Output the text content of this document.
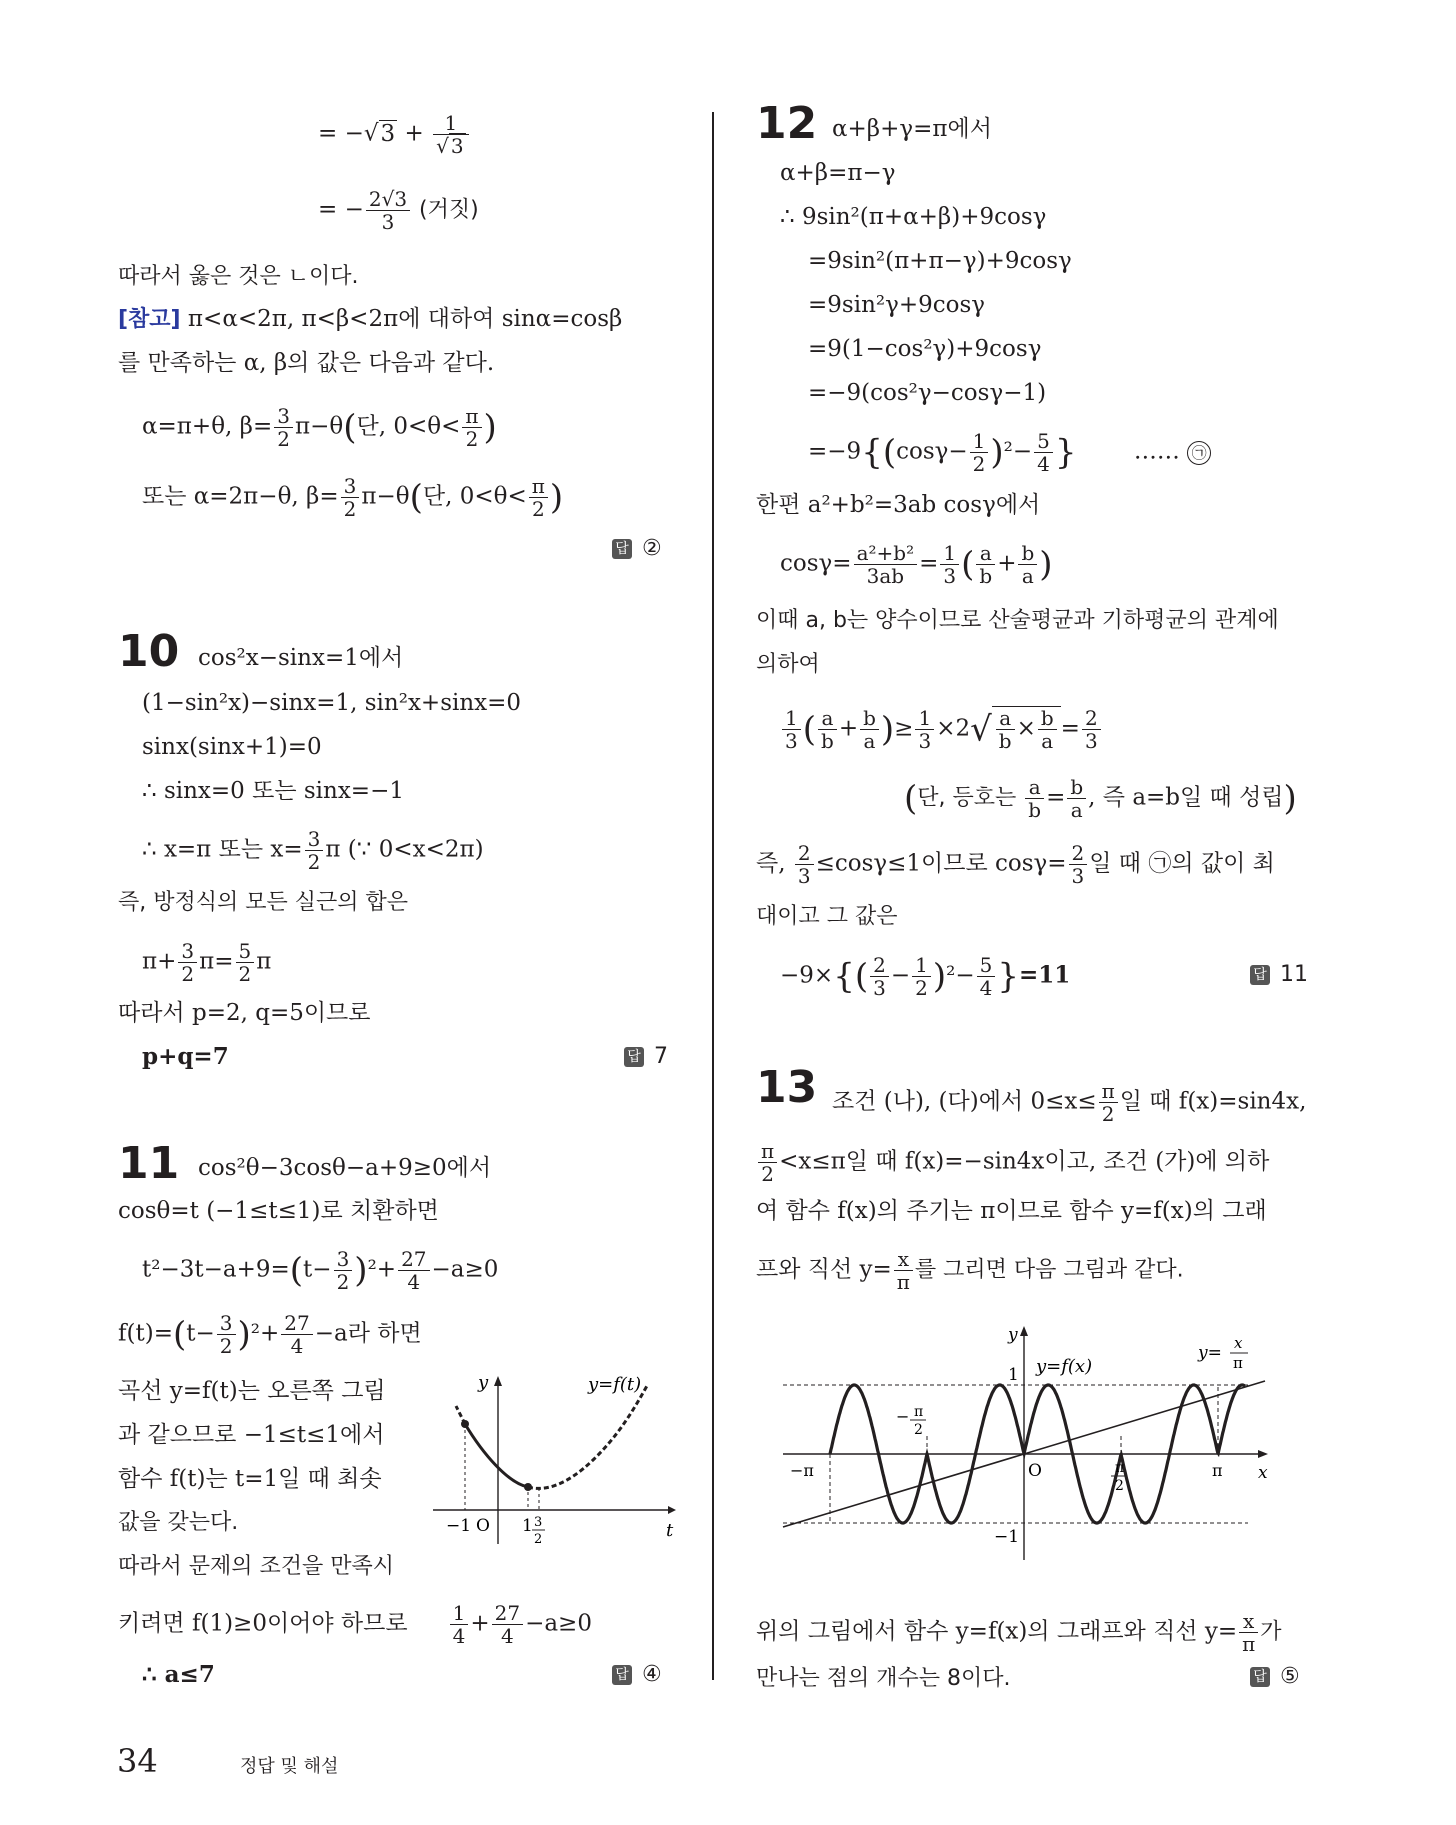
= $-√3 + \frac{1}{√ 3}$
= − $\frac{2√3}{3}$ (거짓)
따라서 옳은 것은 ㄴ이다.
[참고] π<α<2π, π<β<2π에 대하여 sinα=cosβ
를 만족하는 α, β의 값은 다음과 같다.
α=π+θ, $\beta= \frac{3}{2} \pi-\theta$(단, $0<\theta< \frac{\pi}{2}$ )
또는 α=2π−θ, $\beta= \frac{3}{2} \pi-\theta$(단, $0<\theta< \frac{\pi}{2}$ )
답 ②
10 cos²x−sinx=1에서
(1−sin²x)−sinx=1, sin²x+sinx=0
sinx(sinx+1)=0
∴ sinx=0 또는 sinx=−1
∴ x=π 또는 $x= \frac{3}{2}$ π (∵ 0<x<2π)
즉, 방정식의 모든 실근의 합은
$\pi+ \frac{3}{2} \pi= \frac{5}{2}$ π
따라서 p=2, q=5이므로
p+q=7	답 7
11 cos²θ−3cosθ−a+9≥0에서
cosθ=t (−1≤t≤1)로 치환하면
$t^2-3t-a+9=(t- \frac{3}{2} )^2+ \frac{27}{4} -a\ge 0$
$f(t)=(t- \frac{3}{2} )^2+ \frac{27}{4} -a$라 하면
곡선 y=f(t)는 오른쪽 그림
과 같으므로 −1≤t≤1에서
함수 f(t)는 t=1일 때 최솟
값을 갖는다.
따라서 문제의 조건을 만족시
키려면 f(1)≥0이어야 하므로 $\frac{1}{4} + \frac{27}{4} -a\ge 0$
∴ a≤7	답 ④
y
t
y=f(t)
−1 O 1 3
2
12 α+β+γ=π에서
α+β=π−γ
∴ 9sin²(π+α+β)+9cosγ
=9sin²(π+π−γ)+9cosγ
=9sin²γ+9cosγ
=9(1−cos²γ)+9cosγ
=−9(cos²γ−cosγ−1)
$=-9\{(\cos\gamma- \frac{1}{2} )^2- \frac{5}{4}$ } …… ㉠
한편 a²+b²=3ab cosγ에서
$\cos\gamma= \frac{\text{a²+b²}}{3ab} = \frac{1}{3}$ ( $\frac{a}{b} + \frac{b}{a}$ )
이때 a, b는 양수이므로 산술평균과 기하평균의 관계에
의하여
$\frac{1}{3}$ ( $\frac{a}{b} + \frac{b}{a}$ )≥ $\frac{1}{3} \times 2√ \frac{a}{b} \times \frac{b}{a} = \frac{2}{3}$
(단, 등호는 $\frac{a}{b} = \frac{b}{a}$ , 즉 a=b일 때 성립)
즉, $\frac{2}{3} \le\cos\gamma\le 1$이므로 $\cos\gamma= \frac{2}{3}$ 일 때 ㉠의 값이 최
대이고 그 값은
$-9\times\{( \frac{2}{3} - \frac{1}{2} )^2- \frac{5}{4} \}=11$	답 11
13 조건 (나), (다)에서 $0\le x\le \frac{\pi}{2}$ 일 때 f(x)=sin4x,
$\frac{\pi}{2} <x\le\pi$일 때 f(x)=−sin4x이고, 조건 (가)에 의하
여 함수 f(x)의 주기는 π이므로 함수 y=f(x)의 그래
프와 직선 $y= \frac{x}{\pi}$ 를 그리면 다음 그림과 같다.
y
x
1
−1
O
−π	π
y=f(x)
y= x
π
− π
2
π
2
위의 그림에서 함수 y=f(x)의 그래프와 직선 $y= \frac{x}{\pi}$ 가
만나는 점의 개수는 8이다.	답 ⑤
34	정답 및 해설
